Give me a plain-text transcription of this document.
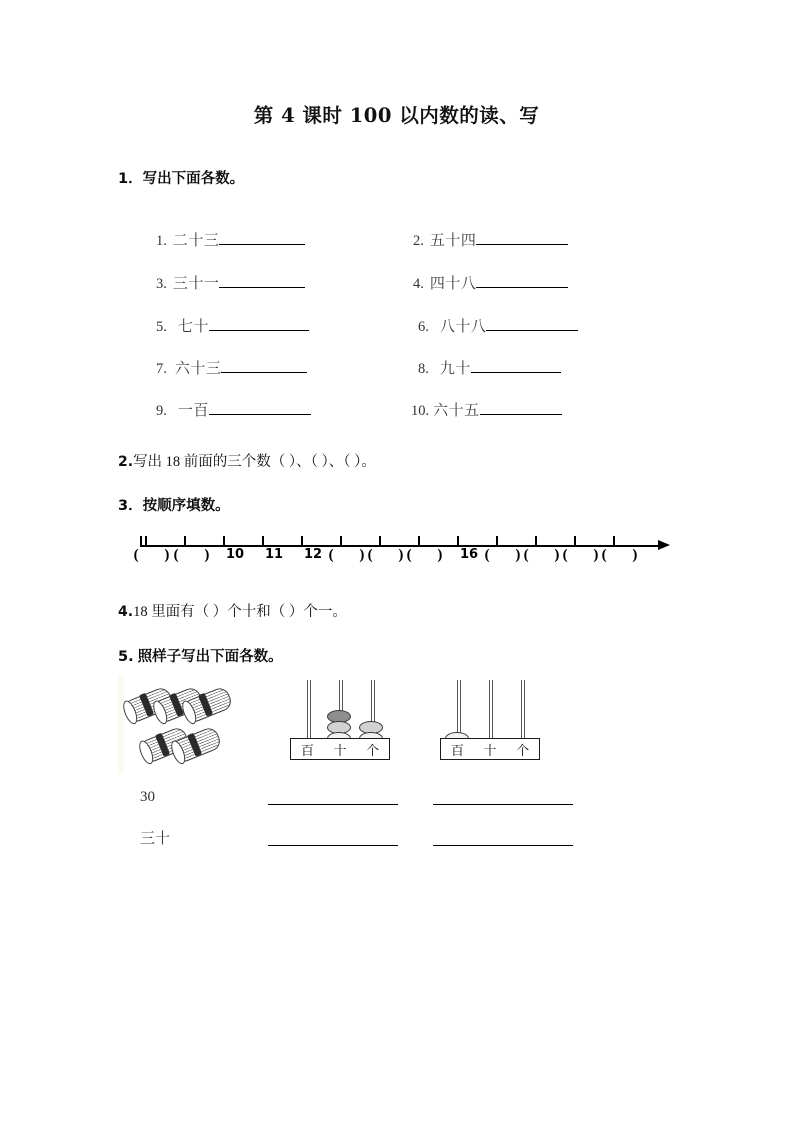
第 4 课时 100 以内数的读、写
1．写出下面各数。
1. 二十三	2. 五十四
3. 三十一	4. 四十八
5. 七十	6. 八十八
7. 六十三	8. 九十
9. 一百	10. 六十五
2.写出 18 前面的三个数（ ）、（ ）、（ ）。
3．按顺序填数。
( )
( ) 10 11 12 ( )
( )
( ) 16 ( )
( )
( )
( )
4.18 里面有（ ）个十和（ ）个一。
5. 照样子写出下面各数。
百 十 个	百 十 个
30
三十
